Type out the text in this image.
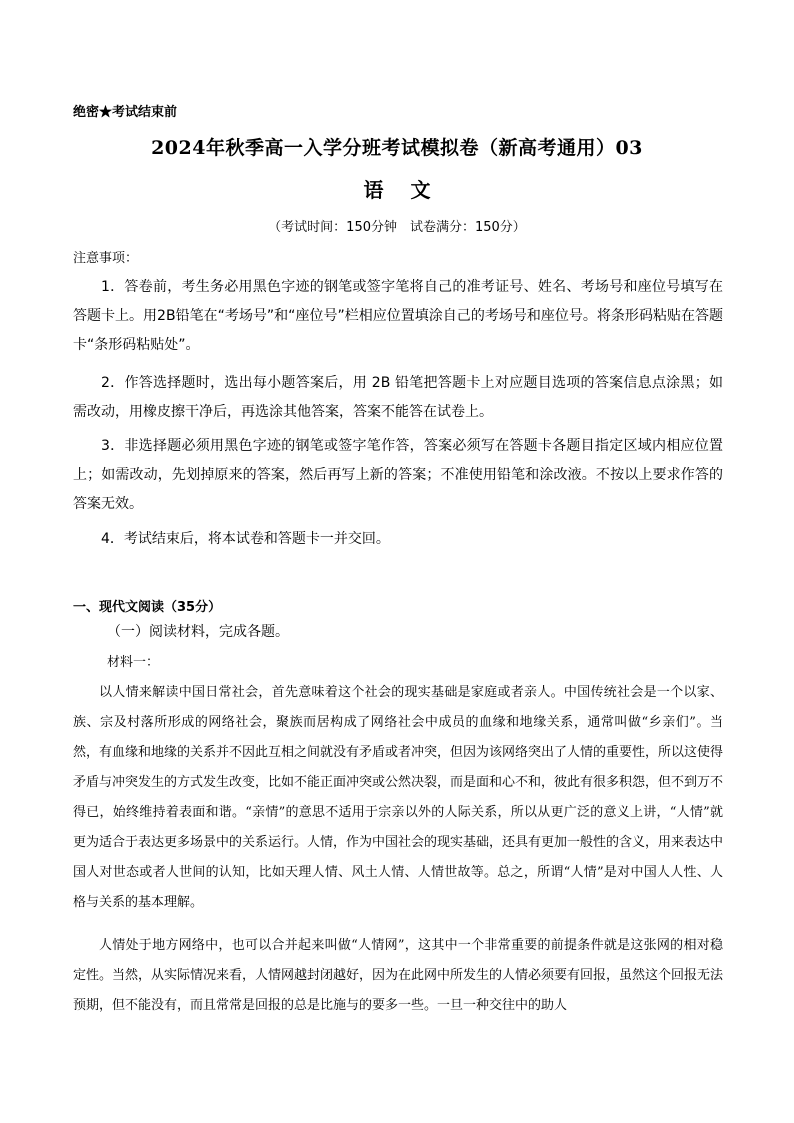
绝密★考试结束前
2024年秋季高一入学分班考试模拟卷（新高考通用）03
语 文
（考试时间：150分钟　试卷满分：150分）
注意事项：
1．答卷前，考生务必用黑色字迹的钢笔或签字笔将自己的准考证号、姓名、考场号和座位号填写在答题卡上。用2B铅笔在“考场号”和“座位号”栏相应位置填涂自己的考场号和座位号。将条形码粘贴在答题卡“条形码粘贴处”。
2．作答选择题时，选出每小题答案后，用 2B 铅笔把答题卡上对应题目选项的答案信息点涂黑；如需改动，用橡皮擦干净后，再选涂其他答案，答案不能答在试卷上。
3．非选择题必须用黑色字迹的钢笔或签字笔作答，答案必须写在答题卡各题目指定区域内相应位置上；如需改动，先划掉原来的答案，然后再写上新的答案；不准使用铅笔和涂改液。不按以上要求作答的答案无效。
4．考试结束后，将本试卷和答题卡一并交回。
一、现代文阅读（35分）
（一）阅读材料，完成各题。
材料一：
以人情来解读中国日常社会，首先意味着这个社会的现实基础是家庭或者亲人。中国传统社会是一个以家、族、宗及村落所形成的网络社会，聚族而居构成了网络社会中成员的血缘和地缘关系，通常叫做“乡亲们”。当然，有血缘和地缘的关系并不因此互相之间就没有矛盾或者冲突，但因为该网络突出了人情的重要性，所以这使得矛盾与冲突发生的方式发生改变，比如不能正面冲突或公然决裂，而是面和心不和，彼此有很多积怨，但不到万不得已，始终维持着表面和谐。“亲情”的意思不适用于宗亲以外的人际关系，所以从更广泛的意义上讲，“人情”就更为适合于表达更多场景中的关系运行。人情，作为中国社会的现实基础，还具有更加一般性的含义，用来表达中国人对世态或者人世间的认知，比如天理人情、风土人情、人情世故等。总之，所谓“人情”是对中国人人性、人格与关系的基本理解。
人情处于地方网络中，也可以合并起来叫做“人情网”，这其中一个非常重要的前提条件就是这张网的相对稳定性。当然，从实际情况来看，人情网越封闭越好，因为在此网中所发生的人情必须要有回报，虽然这个回报无法预期，但不能没有，而且常常是回报的总是比施与的要多一些。一旦一种交往中的助人
